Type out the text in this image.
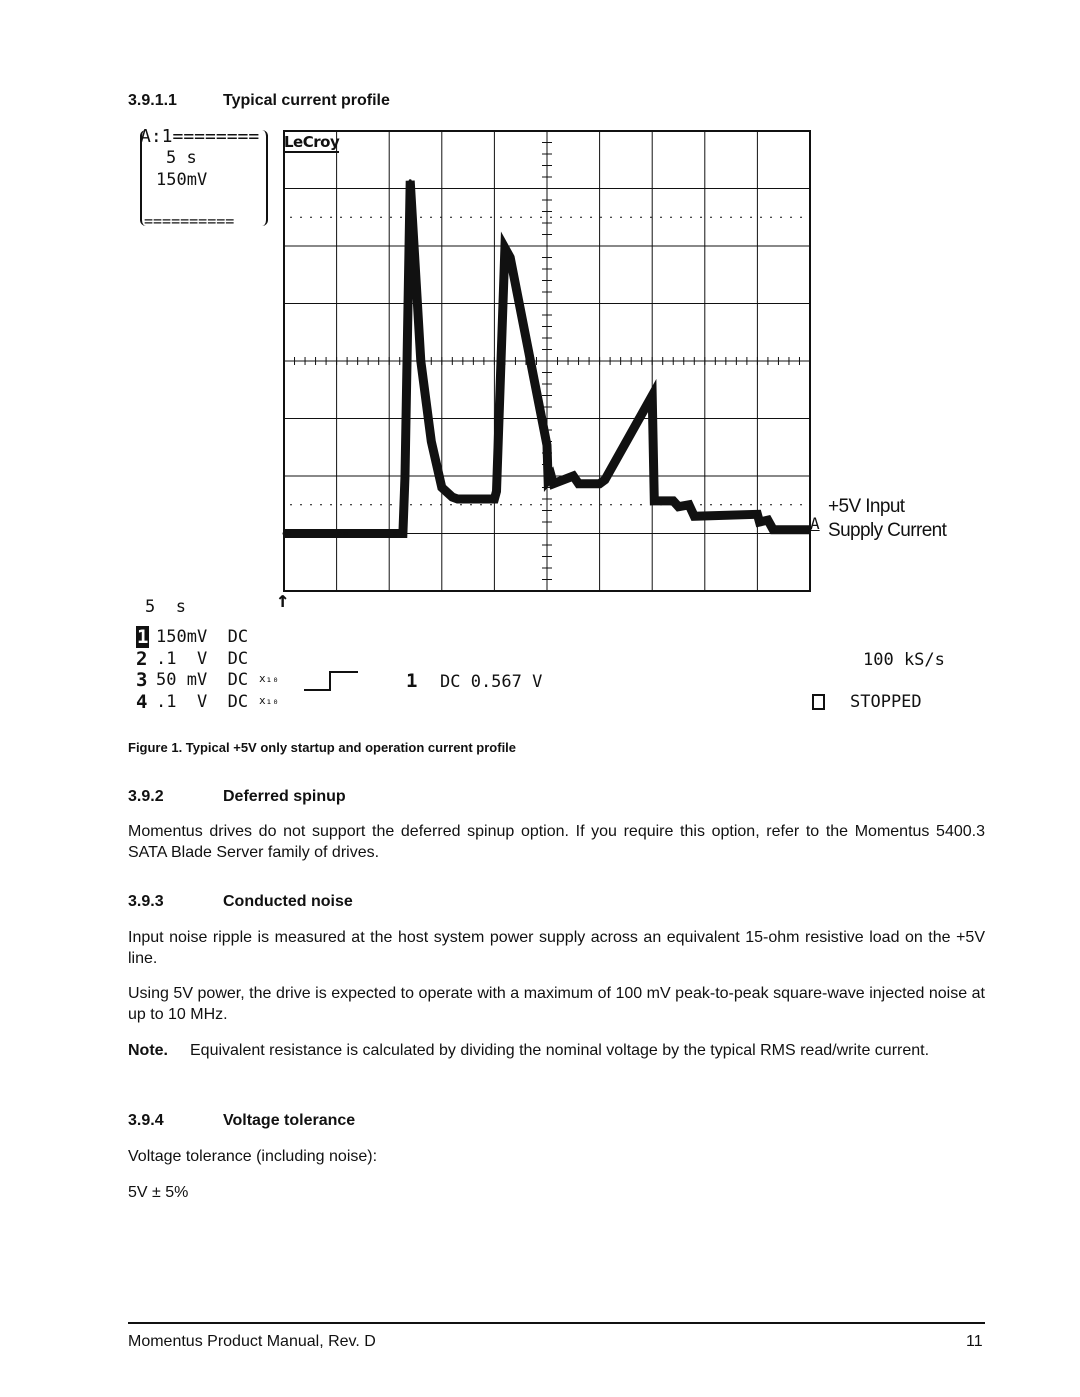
3.9.1.1	Typical current profile
A:1========
5 s
150mV
==========
LeCroy
+5V Input
Supply Current
A
5  s	↑
1 150mV  DC
2 .1  V  DC
3 50 mV  DC x₁₀
4 .1  V  DC x₁₀
1 DC 0.567 V
100 kS/s
STOPPED
Figure 1. Typical +5V only startup and operation current profile
3.9.2	Deferred spinup
Momentus drives do not support the deferred spinup option. If you require this option, refer to the Momentus 5400.3 SATA Blade Server family of drives.
3.9.3	Conducted noise
Input noise ripple is measured at the host system power supply across an equivalent 15-ohm resistive load on the +5V line.
Using 5V power, the drive is expected to operate with a maximum of 100 mV peak-to-peak square-wave injected noise at up to 10 MHz.
Note. Equivalent resistance is calculated by dividing the nominal voltage by the typical RMS read/write current.
3.9.4	Voltage tolerance
Voltage tolerance (including noise):
5V ± 5%
Momentus Product Manual, Rev. D	11
